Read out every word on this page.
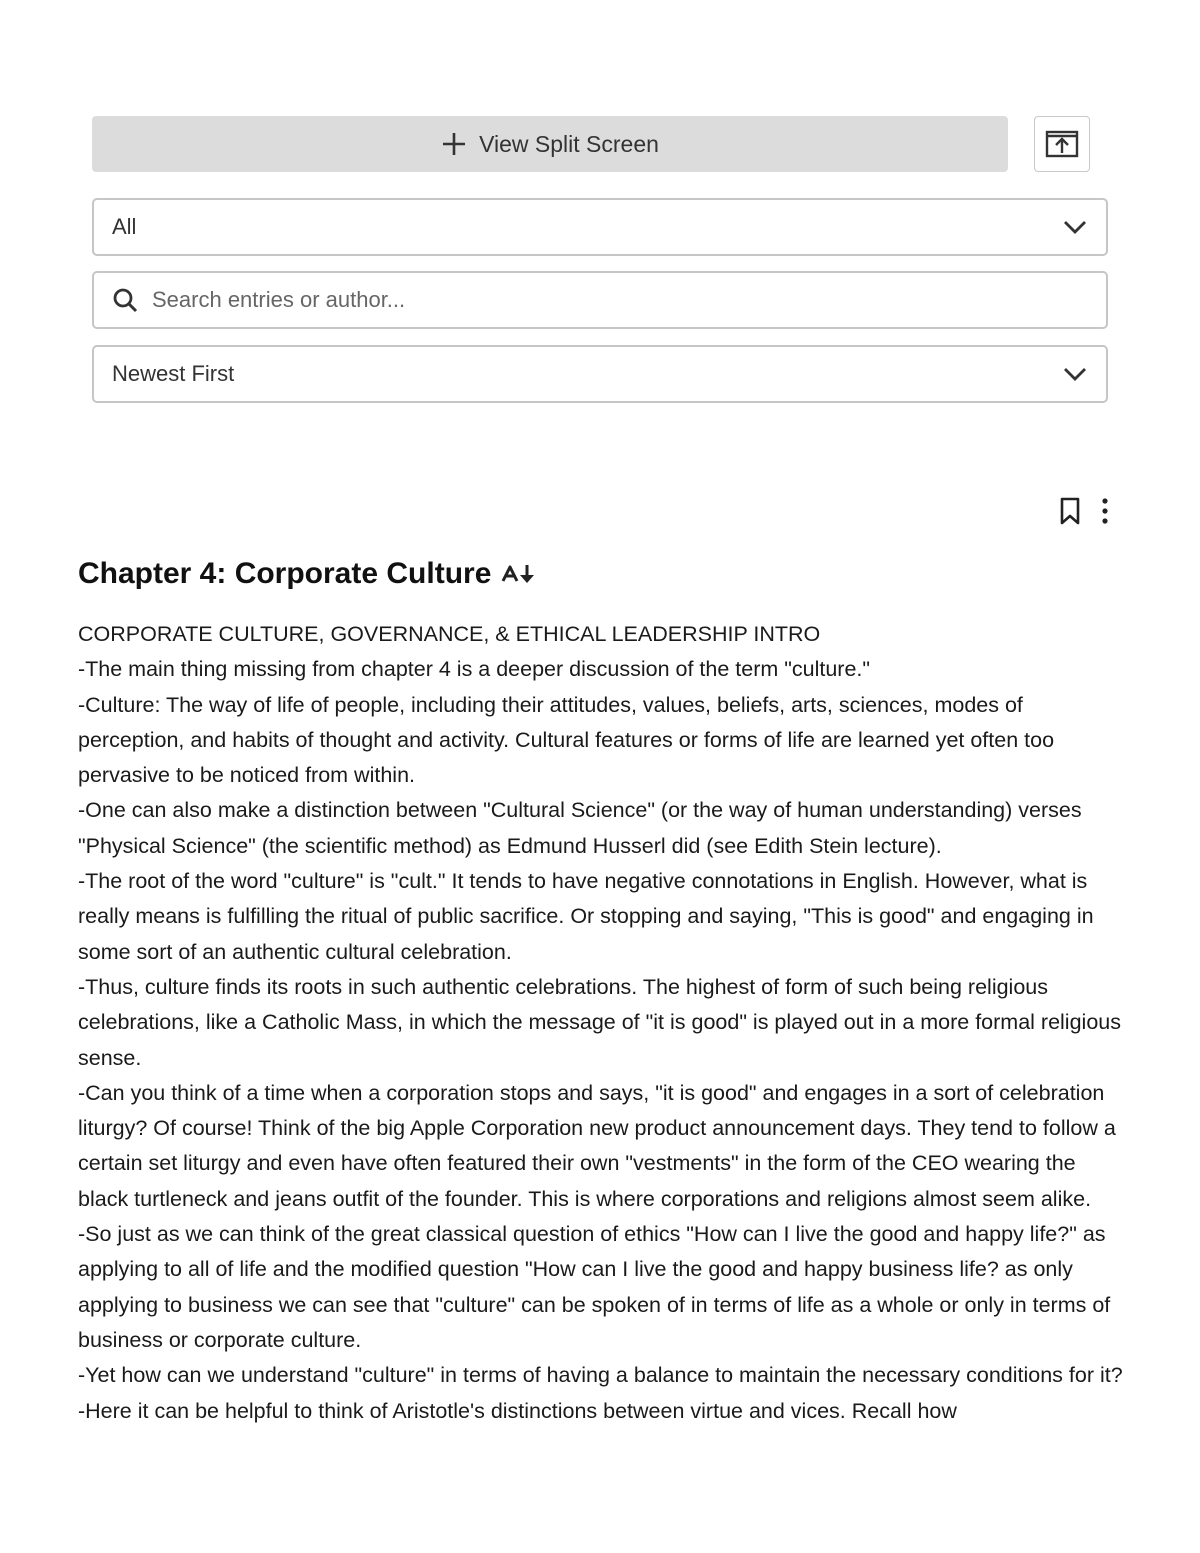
View Split Screen
All
Search entries or author...
Newest First
Chapter 4: Corporate Culture

CORPORATE CULTURE, GOVERNANCE, & ETHICAL LEADERSHIP INTRO

-The main thing missing from chapter 4 is a deeper discussion of the term "culture."

-Culture: The way of life of people, including their attitudes, values, beliefs, arts, sciences, modes of perception, and habits of thought and activity. Cultural features or forms of life are learned yet often too pervasive to be noticed from within.

-One can also make a distinction between "Cultural Science" (or the way of human understanding) verses "Physical Science" (the scientific method) as Edmund Husserl did (see Edith Stein lecture).

-The root of the word "culture" is "cult." It tends to have negative connotations in English. However, what is really means is fulfilling the ritual of public sacrifice. Or stopping and saying, "This is good" and engaging in some sort of an authentic cultural celebration.

-Thus, culture finds its roots in such authentic celebrations. The highest of form of such being religious celebrations, like a Catholic Mass, in which the message of "it is good" is played out in a more formal religious sense.

-Can you think of a time when a corporation stops and says, "it is good" and engages in a sort of celebration liturgy? Of course! Think of the big Apple Corporation new product announcement days. They tend to follow a certain set liturgy and even have often featured their own "vestments" in the form of the CEO wearing the black turtleneck and jeans outfit of the founder. This is where corporations and religions almost seem alike.

-So just as we can think of the great classical question of ethics "How can I live the good and happy life?" as applying to all of life and the modified question "How can I live the good and happy business life? as only applying to business we can see that "culture" can be spoken of in terms of life as a whole or only in terms of business or corporate culture.

-Yet how can we understand "culture" in terms of having a balance to maintain the necessary conditions for it?

-Here it can be helpful to think of Aristotle's distinctions between virtue and vices. Recall how
